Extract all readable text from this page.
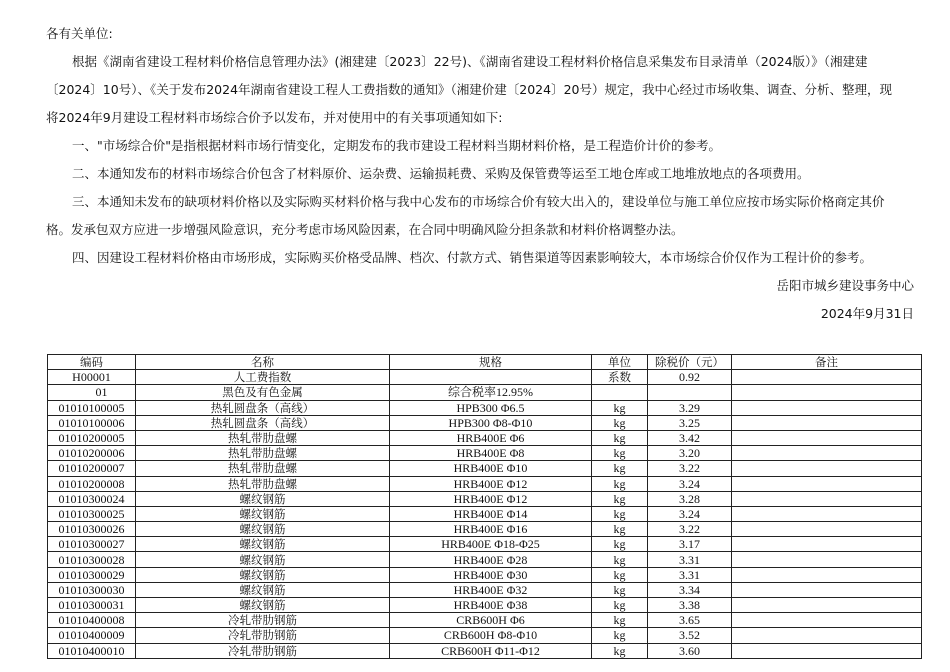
各有关单位:
根据《湖南省建设工程材料价格信息管理办法》(湘建建〔2023〕22号)、《湖南省建设工程材料价格信息采集发布目录清单（2024版）》（湘建建
〔2024〕10号）、《关于发布2024年湖南省建设工程人工费指数的通知》（湘建价建〔2024〕20号）规定，我中心经过市场收集、调查、分析、整理，现
将2024年9月建设工程材料市场综合价予以发布，并对使用中的有关事项通知如下:
一、"市场综合价"是指根据材料市场行情变化，定期发布的我市建设工程材料当期材料价格，是工程造价计价的参考。
二、本通知发布的材料市场综合价包含了材料原价、运杂费、运输损耗费、采购及保管费等运至工地仓库或工地堆放地点的各项费用。
三、本通知未发布的缺项材料价格以及实际购买材料价格与我中心发布的市场综合价有较大出入的，建设单位与施工单位应按市场实际价格商定其价
格。发承包双方应进一步增强风险意识，充分考虑市场风险因素，在合同中明确风险分担条款和材料价格调整办法。
四、因建设工程材料价格由市场形成，实际购买价格受品牌、档次、付款方式、销售渠道等因素影响较大，本市场综合价仅作为工程计价的参考。
岳阳市城乡建设事务中心
2024年9月31日
编码	名称	规格	单位	除税价（元）	备注
H00001	人工费指数		系数	0.92	
01	黑色及有色金属	综合税率12.95%			
01010100005	热轧圆盘条（高线）	HPB300 Φ6.5	kg	3.29	
01010100006	热轧圆盘条（高线）	HPB300 Φ8-Φ10	kg	3.25	
01010200005	热轧带肋盘螺	HRB400E Φ6	kg	3.42	
01010200006	热轧带肋盘螺	HRB400E Φ8	kg	3.20	
01010200007	热轧带肋盘螺	HRB400E Φ10	kg	3.22	
01010200008	热轧带肋盘螺	HRB400E Φ12	kg	3.24	
01010300024	螺纹钢筋	HRB400E Φ12	kg	3.28	
01010300025	螺纹钢筋	HRB400E Φ14	kg	3.24	
01010300026	螺纹钢筋	HRB400E Φ16	kg	3.22	
01010300027	螺纹钢筋	HRB400E Φ18-Φ25	kg	3.17	
01010300028	螺纹钢筋	HRB400E Φ28	kg	3.31	
01010300029	螺纹钢筋	HRB400E Φ30	kg	3.31	
01010300030	螺纹钢筋	HRB400E Φ32	kg	3.34	
01010300031	螺纹钢筋	HRB400E Φ38	kg	3.38	
01010400008	冷轧带肋钢筋	CRB600H Φ6	kg	3.65	
01010400009	冷轧带肋钢筋	CRB600H Φ8-Φ10	kg	3.52	
01010400010	冷轧带肋钢筋	CRB600H Φ11-Φ12	kg	3.60	
